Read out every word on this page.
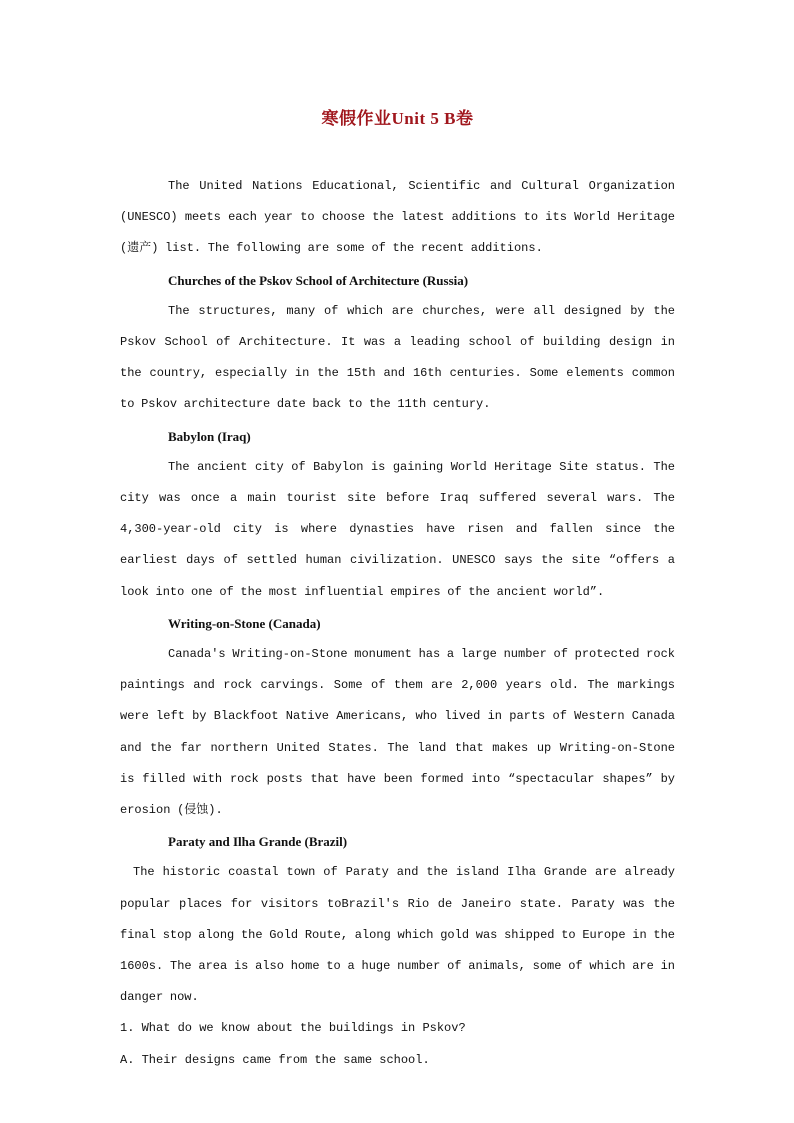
寒假作业Unit 5 B卷

The United Nations Educational, Scientific and Cultural Organization (UNESCO) meets each year to choose the latest additions to its World Heritage (遗产) list. The following are some of the recent additions.

Churches of the Pskov School of Architecture (Russia)

The structures, many of which are churches, were all designed by the Pskov School of Architecture. It was a leading school of building design in the country, especially in the 15th and 16th centuries. Some elements common to Pskov architecture date back to the 11th century.

Babylon (Iraq)

The ancient city of Babylon is gaining World Heritage Site status. The city was once a main tourist site before Iraq suffered several wars. The 4,300-year-old city is where dynasties have risen and fallen since the earliest days of settled human civilization. UNESCO says the site “offers a look into one of the most influential empires of the ancient world”.

Writing-on-Stone (Canada)

Canada's Writing-on-Stone monument has a large number of protected rock paintings and rock carvings. Some of them are 2,000 years old. The markings were left by Blackfoot Native Americans, who lived in parts of Western Canada and the far northern United States. The land that makes up Writing-on-Stone is filled with rock posts that have been formed into “spectacular shapes” by erosion (侵蚀).

Paraty and Ilha Grande (Brazil)

The historic coastal town of Paraty and the island Ilha Grande are already popular places for visitors toBrazil's Rio de Janeiro state. Paraty was the final stop along the Gold Route, along which gold was shipped to Europe in the 1600s. The area is also home to a huge number of animals, some of which are in danger now.

1. What do we know about the buildings in Pskov?

A. Their designs came from the same school.
